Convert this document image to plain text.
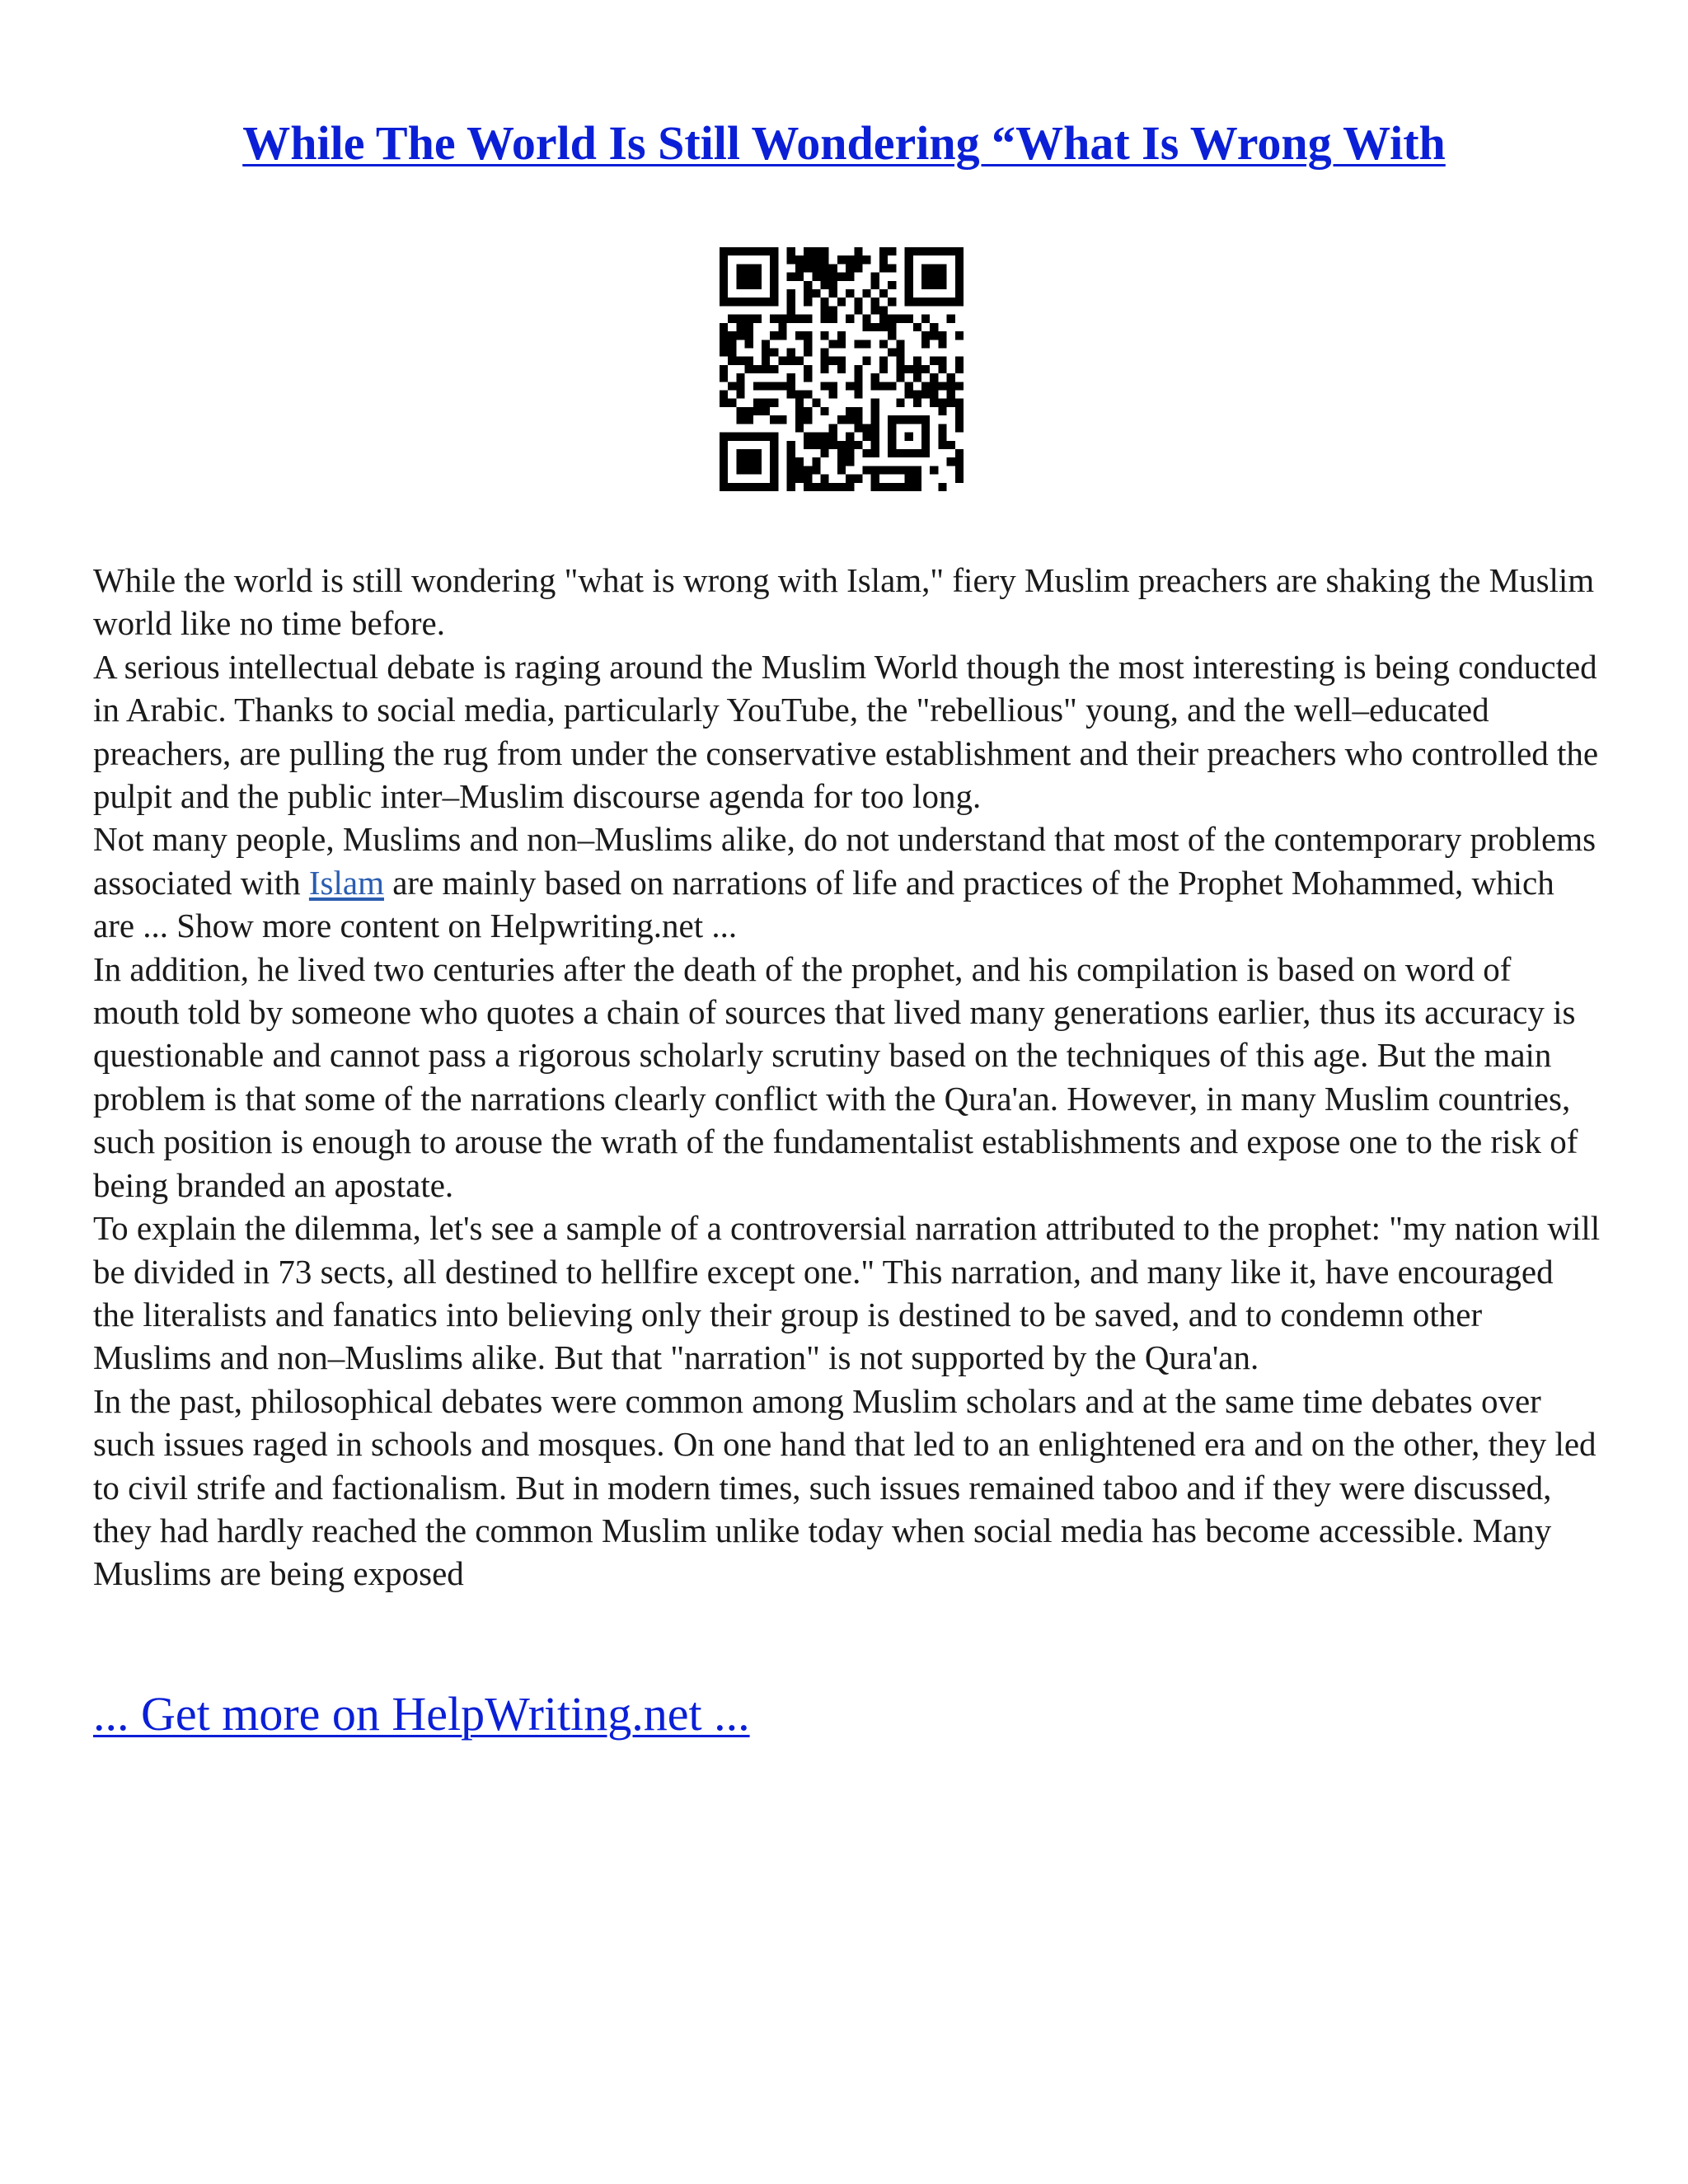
While The World Is Still Wondering “What Is Wrong With

While the world is still wondering "what is wrong with Islam," fiery Muslim preachers are shaking the Muslim world like no time before.

A serious intellectual debate is raging around the Muslim World though the most interesting is being conducted in Arabic. Thanks to social media, particularly YouTube, the "rebellious" young, and the well–educated preachers, are pulling the rug from under the conservative establishment and their preachers who controlled the pulpit and the public inter–Muslim discourse agenda for too long.

Not many people, Muslims and non–Muslims alike, do not understand that most of the contemporary problems associated with Islam are mainly based on narrations of life and practices of the Prophet Mohammed, which are ... Show more content on Helpwriting.net ...

In addition, he lived two centuries after the death of the prophet, and his compilation is based on word of mouth told by someone who quotes a chain of sources that lived many generations earlier, thus its accuracy is questionable and cannot pass a rigorous scholarly scrutiny based on the techniques of this age. But the main problem is that some of the narrations clearly conflict with the Qura'an. However, in many Muslim countries, such position is enough to arouse the wrath of the fundamentalist establishments and expose one to the risk of being branded an apostate.

To explain the dilemma, let's see a sample of a controversial narration attributed to the prophet: "my nation will be divided in 73 sects, all destined to hellfire except one." This narration, and many like it, have encouraged the literalists and fanatics into believing only their group is destined to be saved, and to condemn other Muslims and non–Muslims alike. But that "narration" is not supported by the Qura'an.

In the past, philosophical debates were common among Muslim scholars and at the same time debates over such issues raged in schools and mosques. On one hand that led to an enlightened era and on the other, they led to civil strife and factionalism. But in modern times, such issues remained taboo and if they were discussed, they had hardly reached the common Muslim unlike today when social media has become accessible. Many Muslims are being exposed

... Get more on HelpWriting.net ...
